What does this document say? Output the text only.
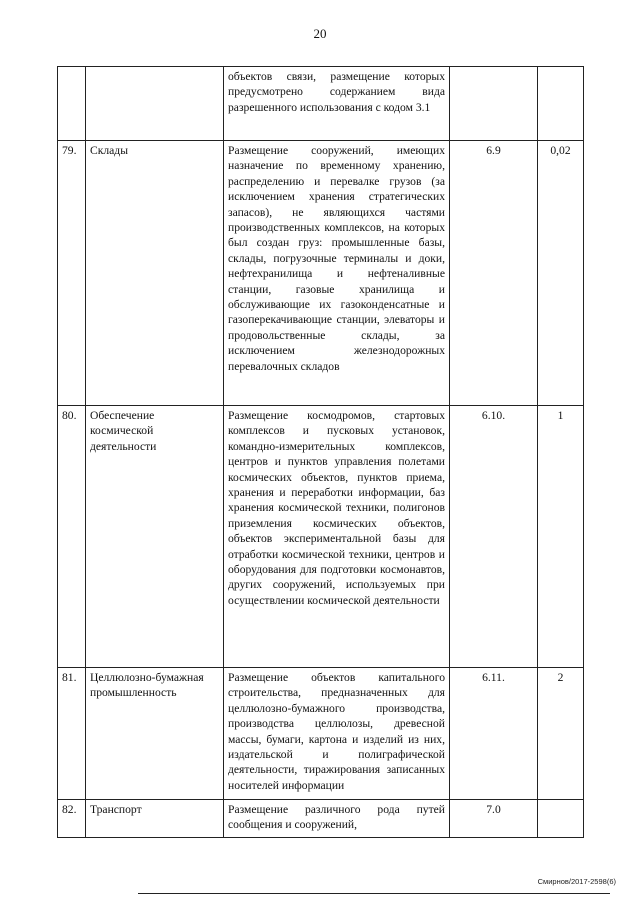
20
		объектов связи, размещение которых предусмотрено содержанием вида разрешенного использования с кодом 3.1		
79.	Склады	Размещение сооружений, имеющих назначение по временному хранению, распределению и перевалке грузов (за исключением хранения стратегических запасов), не являющихся частями производственных комплексов, на которых был создан груз: промышленные базы, склады, погрузочные терминалы и доки, нефтехранилища и нефтеналивные станции, газовые хранилища и обслуживающие их газоконденсатные и газоперекачивающие станции, элеваторы и продовольственные склады, за исключением железнодорожных перевалочных складов	6.9	0,02
80.	Обеспечение космической деятельности	Размещение космодромов, стартовых комплексов и пусковых установок, командно-измерительных комплексов, центров и пунктов управления полетами космических объектов, пунктов приема, хранения и переработки информации, баз хранения космической техники, полигонов приземления космических объектов, объектов экспериментальной базы для отработки космической техники, центров и оборудования для подготовки космонавтов, других сооружений, используемых при осуществлении космической деятельности	6.10.	1
81.	Целлюлозно-бумажная промышленность	Размещение объектов капитального строительства, предназначенных для целлюлозно-бумажного производства, производства целлюлозы, древесной массы, бумаги, картона и изделий из них, издательской и полиграфической деятельности, тиражирования записанных носителей информации	6.11.	2
82.	Транспорт	Размещение различного рода путей сообщения и сооружений,	7.0	
Смирнов/2017-2598(6)
